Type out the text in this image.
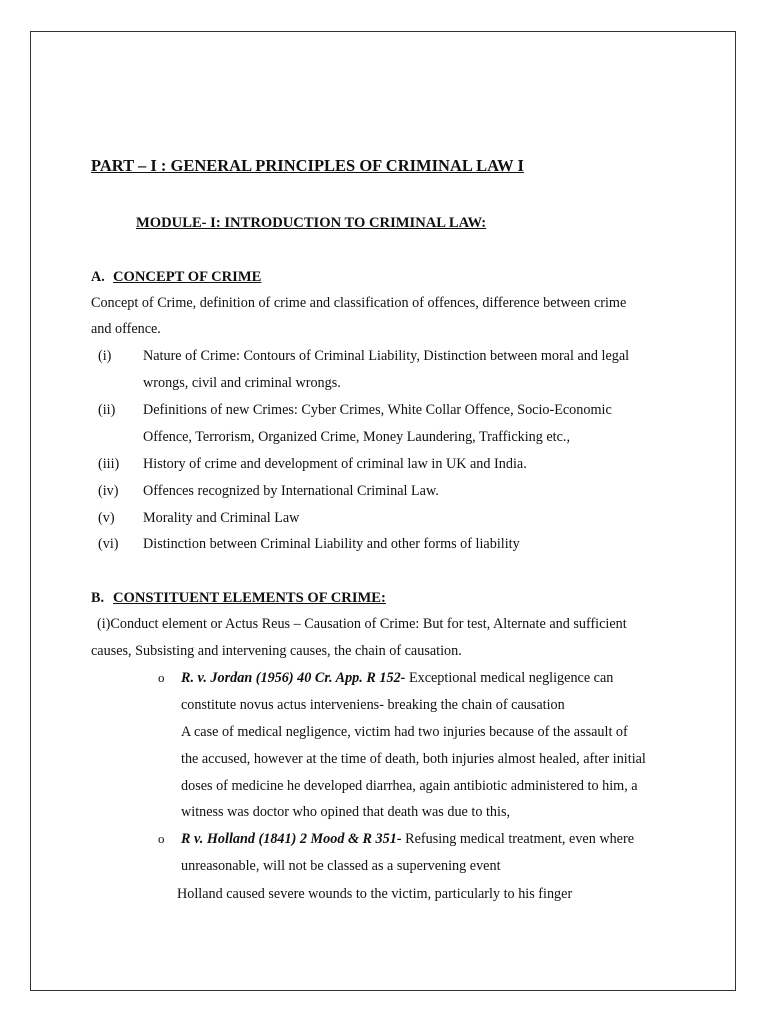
PART – I : GENERAL PRINCIPLES OF CRIMINAL LAW I
MODULE- I: INTRODUCTION TO CRIMINAL LAW:
A. CONCEPT OF CRIME
Concept of Crime, definition of crime and classification of offences, difference between crime
and offence.
(i) Nature of Crime: Contours of Criminal Liability, Distinction between moral and legal
wrongs, civil and criminal wrongs.
(ii) Definitions of new Crimes: Cyber Crimes, White Collar Offence, Socio-Economic
Offence, Terrorism, Organized Crime, Money Laundering, Trafficking etc.,
(iii) History of crime and development of criminal law in UK and India.
(iv) Offences recognized by International Criminal Law.
(v) Morality and Criminal Law
(vi) Distinction between Criminal Liability and other forms of liability
B. CONSTITUENT ELEMENTS OF CRIME:
(i)Conduct element or Actus Reus – Causation of Crime: But for test, Alternate and sufficient
causes, Subsisting and intervening causes, the chain of causation.
o R. v. Jordan (1956) 40 Cr. App. R 152- Exceptional medical negligence can
constitute novus actus interveniens- breaking the chain of causation
A case of medical negligence, victim had two injuries because of the assault of
the accused, however at the time of death, both injuries almost healed, after initial
doses of medicine he developed diarrhea, again antibiotic administered to him, a
witness was doctor who opined that death was due to this,
o R v. Holland (1841) 2 Mood & R 351- Refusing medical treatment, even where
unreasonable, will not be classed as a supervening event
Holland caused severe wounds to the victim, particularly to his finger
